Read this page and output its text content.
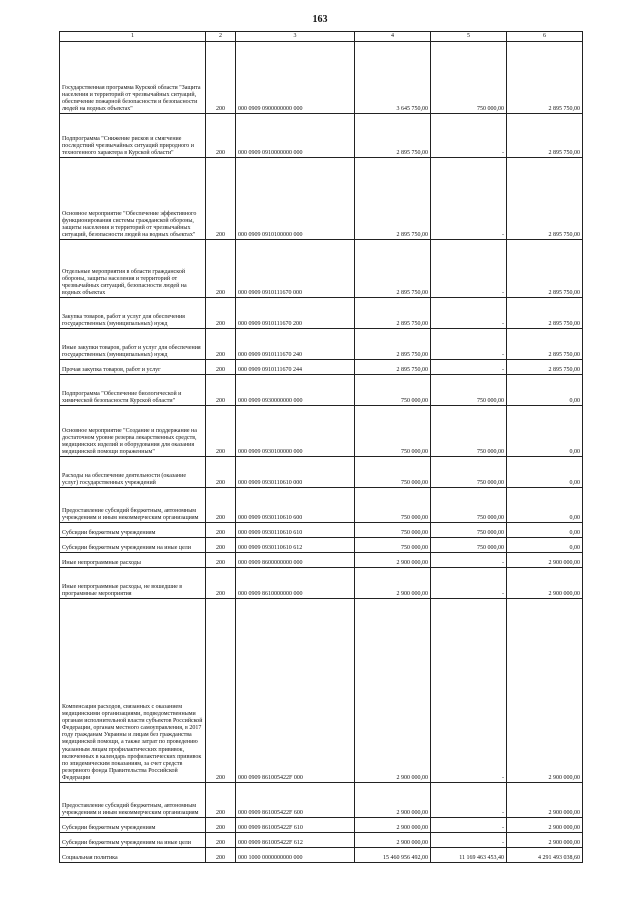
163
1	2	3	4	5	6
Государственная программа Курской области "Защита населения и территорий от чрезвычайных ситуаций, обеспечение пожарной безопасности и безопасности людей на водных объектах"	200	000 0909 0900000000 000	3 645 750,00	750 000,00	2 895 750,00
Подпрограмма "Снижение рисков и смягчение последствий чрезвычайных ситуаций природного и техногенного характера в Курской области"	200	000 0909 0910000000 000	2 895 750,00	-	2 895 750,00
Основное мероприятие "Обеспечение эффективного функционирования системы гражданской обороны, защиты населения и территорий от чрезвычайных ситуаций, безопасности людей на водных объектах"	200	000 0909 0910100000 000	2 895 750,00	-	2 895 750,00
Отдельные мероприятия в области гражданской обороны, защиты населения и территорий от чрезвычайных ситуаций, безопасности людей на водных объектах	200	000 0909 0910111670 000	2 895 750,00	-	2 895 750,00
Закупка товаров, работ и услуг для обеспечения государственных (муниципальных) нужд	200	000 0909 0910111670 200	2 895 750,00	-	2 895 750,00
Иные закупки товаров, работ и услуг для обеспечения государственных (муниципальных) нужд	200	000 0909 0910111670 240	2 895 750,00	-	2 895 750,00
Прочая закупка товаров, работ и услуг	200	000 0909 0910111670 244	2 895 750,00	-	2 895 750,00
Подпрограмма "Обеспечение биологической и химической безопасности Курской области"	200	000 0909 0930000000 000	750 000,00	750 000,00	0,00
Основное мероприятие "Создание и поддержание на достаточном уровне резерва лекарственных средств, медицинских изделий и оборудования для оказания медицинской помощи пораженным"	200	000 0909 0930100000 000	750 000,00	750 000,00	0,00
Расходы на обеспечение деятельности (оказание услуг) государственных учреждений	200	000 0909 0930110610 000	750 000,00	750 000,00	0,00
Предоставление субсидий бюджетным, автономным учреждениям и иным некоммерческим организациям	200	000 0909 0930110610 600	750 000,00	750 000,00	0,00
Субсидии бюджетным учреждениям	200	000 0909 0930110610 610	750 000,00	750 000,00	0,00
Субсидии бюджетным учреждениям на иные цели	200	000 0909 0930110610 612	750 000,00	750 000,00	0,00
Иные непрограммные расходы	200	000 0909 8600000000 000	2 900 000,00	-	2 900 000,00
Иные непрограммные расходы, не вошедшие в программные мероприятия	200	000 0909 8610000000 000	2 900 000,00	-	2 900 000,00
Компенсация расходов, связанных с оказанием медицинскими организациями, подведомственными органам исполнительной власти субъектов Российской Федерации, органам местного самоуправления, в 2017 году гражданам Украины и лицам без гражданства медицинской помощи, а также затрат по проведению указанным лицам профилактических прививок, включенных в календарь профилактических прививок по эпидемическим показаниям, за счет средств резервного фонда Правительства Российской Федерации	200	000 0909 861005422F 000	2 900 000,00	-	2 900 000,00
Предоставление субсидий бюджетным, автономным учреждениям и иным некоммерческим организациям	200	000 0909 861005422F 600	2 900 000,00	-	2 900 000,00
Субсидии бюджетным учреждениям	200	000 0909 861005422F 610	2 900 000,00	-	2 900 000,00
Субсидии бюджетным учреждениям на иные цели	200	000 0909 861005422F 612	2 900 000,00	-	2 900 000,00
Социальная политика	200	000 1000 0000000000 000	15 460 956 492,00	11 169 463 453,40	4 291 493 038,60
